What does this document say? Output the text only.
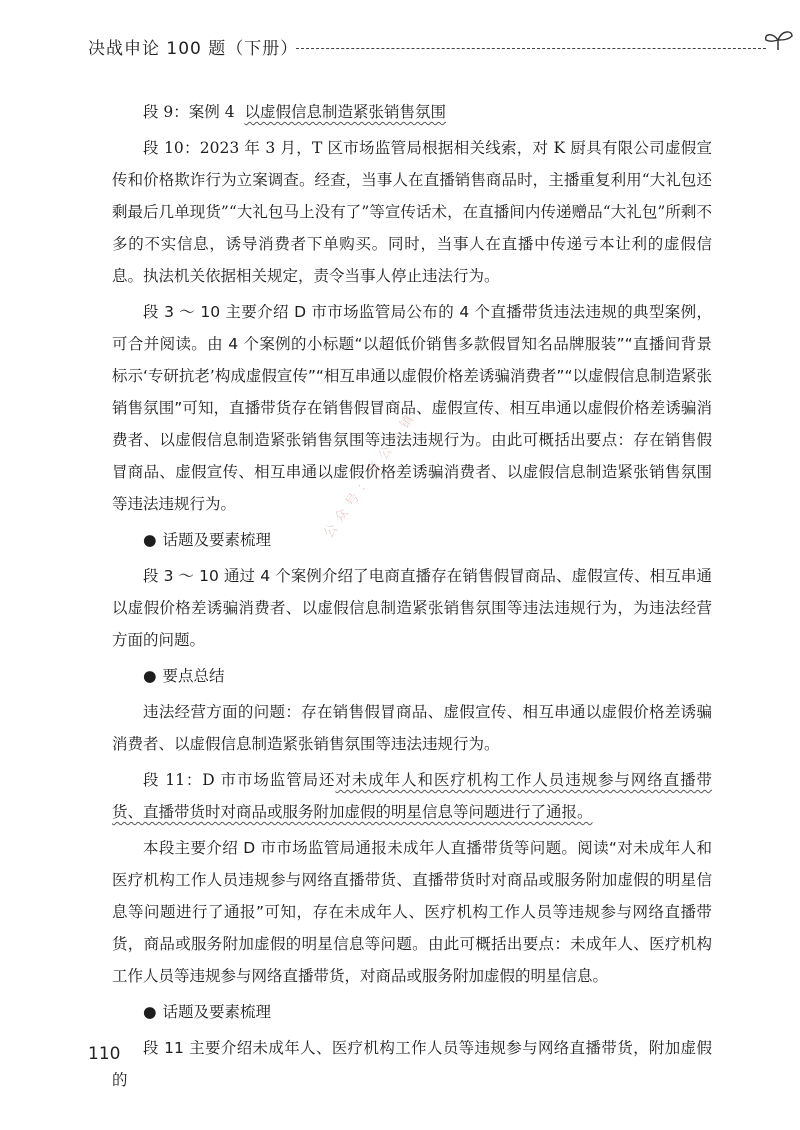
决战申论 100 题（下册）
公众号：考公小镇

段 9：案例 4 以虚假信息制造紧张销售氛围

段 10：2023 年 3 月，T 区市场监管局根据相关线索，对 K 厨具有限公司虚假宣传和价格欺诈行为立案调查。经查，当事人在直播销售商品时，主播重复利用“大礼包还剩最后几单现货”“大礼包马上没有了”等宣传话术，在直播间内传递赠品“大礼包”所剩不多的不实信息，诱导消费者下单购买。同时，当事人在直播中传递亏本让利的虚假信息。执法机关依据相关规定，责令当事人停止违法行为。

段 3 ～ 10 主要介绍 D 市市场监管局公布的 4 个直播带货违法违规的典型案例，可合并阅读。由 4 个案例的小标题“以超低价销售多款假冒知名品牌服装”“直播间背景标示‘专研抗老’构成虚假宣传”“相互串通以虚假价格差诱骗消费者”“以虚假信息制造紧张销售氛围”可知，直播带货存在销售假冒商品、虚假宣传、相互串通以虚假价格差诱骗消费者、以虚假信息制造紧张销售氛围等违法违规行为。由此可概括出要点：存在销售假冒商品、虚假宣传、相互串通以虚假价格差诱骗消费者、以虚假信息制造紧张销售氛围等违法违规行为。

● 话题及要素梳理

段 3 ～ 10 通过 4 个案例介绍了电商直播存在销售假冒商品、虚假宣传、相互串通以虚假价格差诱骗消费者、以虚假信息制造紧张销售氛围等违法违规行为，为违法经营方面的问题。

● 要点总结

违法经营方面的问题：存在销售假冒商品、虚假宣传、相互串通以虚假价格差诱骗消费者、以虚假信息制造紧张销售氛围等违法违规行为。

段 11：D 市市场监管局还对未成年人和医疗机构工作人员违规参与网络直播带货、直播带货时对商品或服务附加虚假的明星信息等问题进行了通报。

本段主要介绍 D 市市场监管局通报未成年人直播带货等问题。阅读“对未成年人和医疗机构工作人员违规参与网络直播带货、直播带货时对商品或服务附加虚假的明星信息等问题进行了通报”可知，存在未成年人、医疗机构工作人员等违规参与网络直播带货，商品或服务附加虚假的明星信息等问题。由此可概括出要点：未成年人、医疗机构工作人员等违规参与网络直播带货，对商品或服务附加虚假的明星信息。

● 话题及要素梳理

段 11 主要介绍未成年人、医疗机构工作人员等违规参与网络直播带货，附加虚假的

110
